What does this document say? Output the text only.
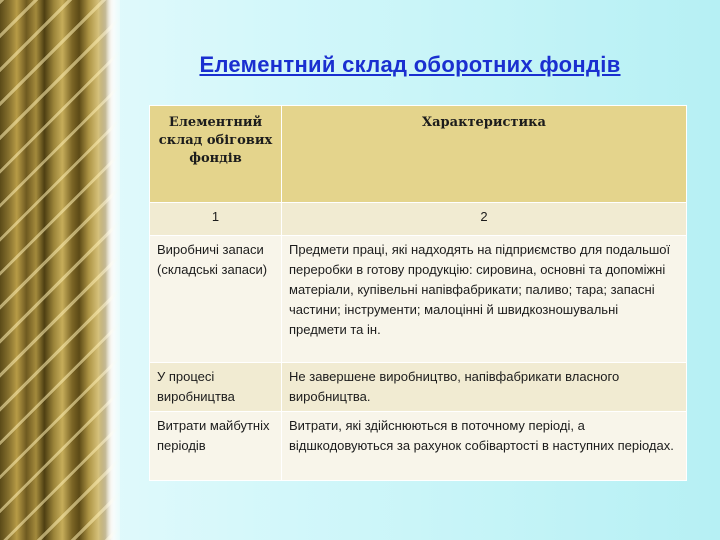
Елементний склад оборотних фондів
Елементний склад обігових фондів	Характеристика
1	2
Виробничі запаси (складські запаси)	Предмети праці, які надходять на підприємство для подальшої переробки в готову продукцію: сировина, основні та допоміжні матеріали, купівельні напівфабрикати; паливо; тара; запасні частини; інструменти; малоцінні й швидкозношувальні предмети та ін.
У процесі виробництва	Не завершене виробництво, напівфабрикати власного виробництва.
Витрати майбутніх періодів	Витрати, які здійснюються в поточному періоді, а відшкодовуються за рахунок собівартості в наступних періодах.
